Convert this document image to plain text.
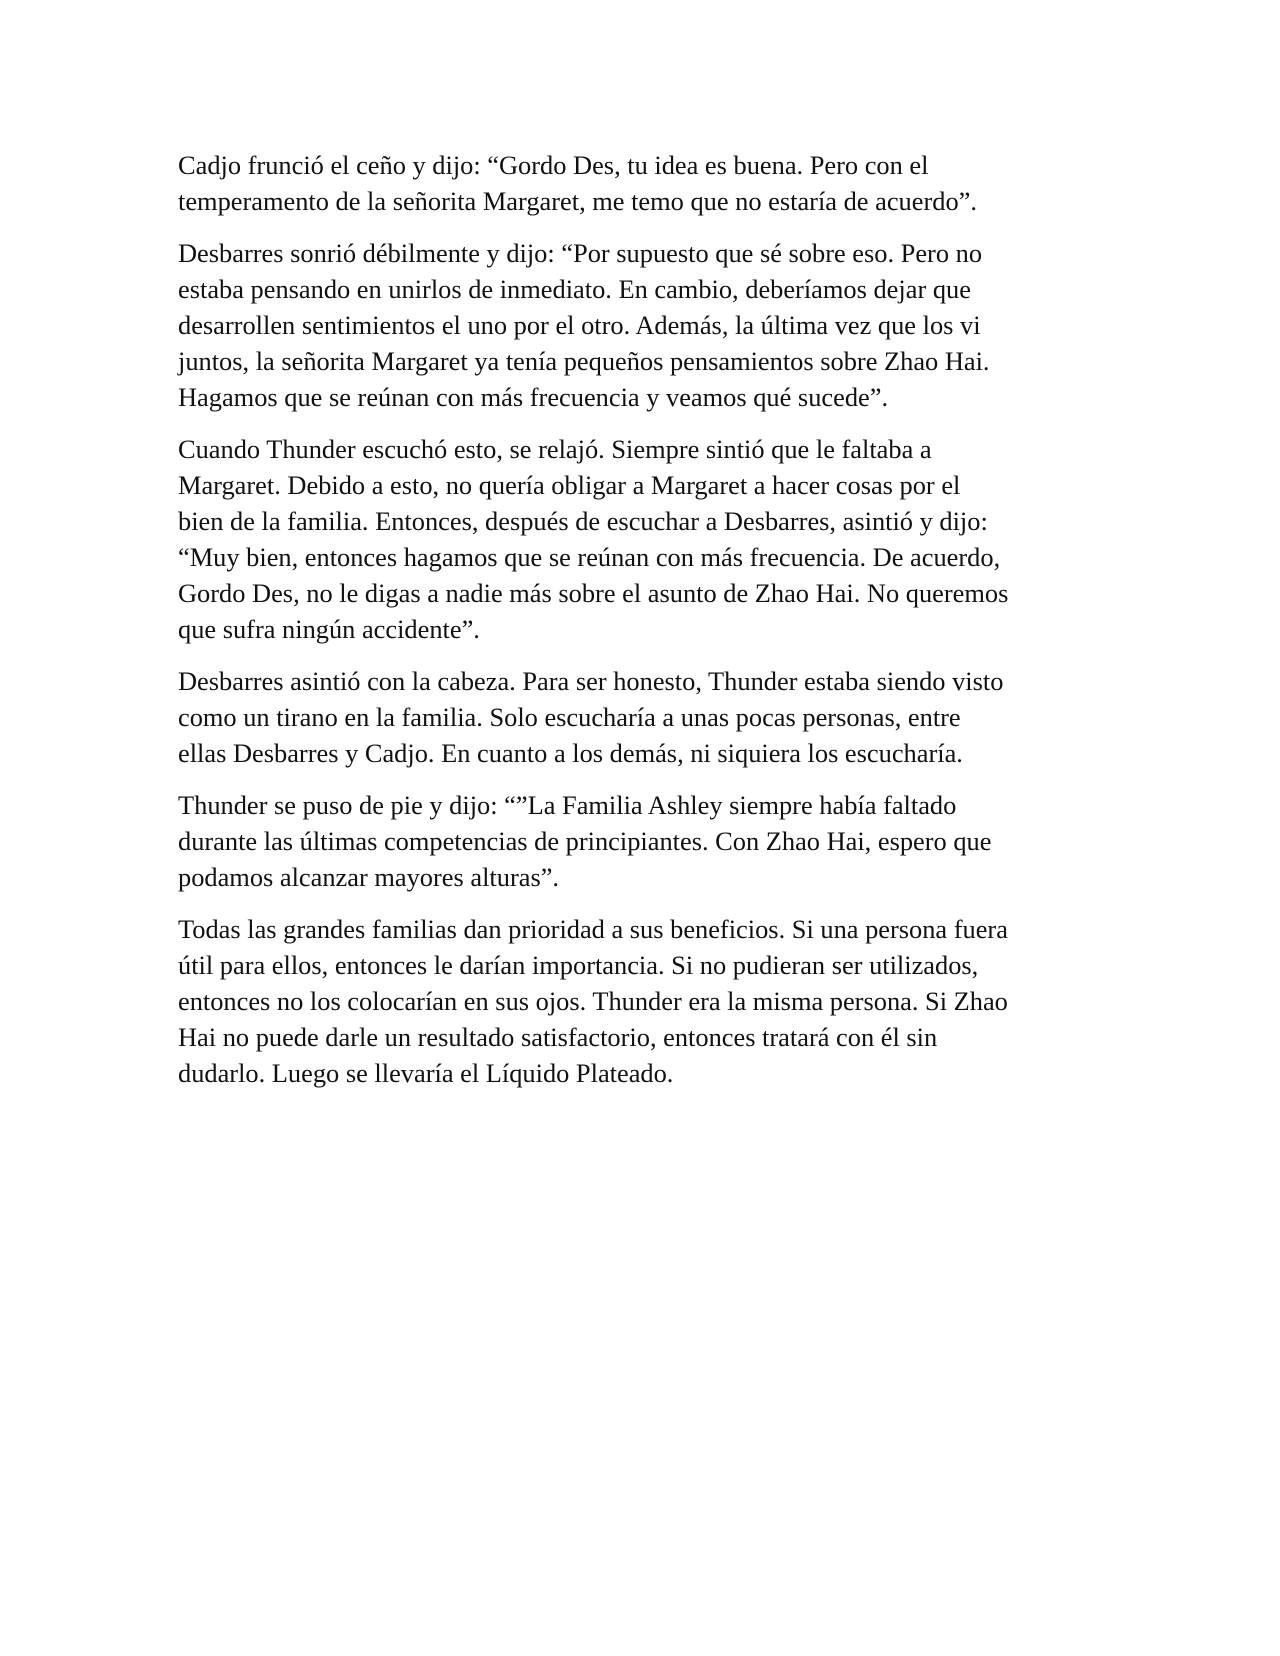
Cadjo frunció el ceño y dijo: “Gordo Des, tu idea es buena. Pero con el
temperamento de la señorita Margaret, me temo que no estaría de acuerdo”.

Desbarres sonrió débilmente y dijo: “Por supuesto que sé sobre eso. Pero no
estaba pensando en unirlos de inmediato. En cambio, deberíamos dejar que
desarrollen sentimientos el uno por el otro. Además, la última vez que los vi
juntos, la señorita Margaret ya tenía pequeños pensamientos sobre Zhao Hai.
Hagamos que se reúnan con más frecuencia y veamos qué sucede”.

Cuando Thunder escuchó esto, se relajó. Siempre sintió que le faltaba a
Margaret. Debido a esto, no quería obligar a Margaret a hacer cosas por el
bien de la familia. Entonces, después de escuchar a Desbarres, asintió y dijo:
“Muy bien, entonces hagamos que se reúnan con más frecuencia. De acuerdo,
Gordo Des, no le digas a nadie más sobre el asunto de Zhao Hai. No queremos
que sufra ningún accidente”.

Desbarres asintió con la cabeza. Para ser honesto, Thunder estaba siendo visto
como un tirano en la familia. Solo escucharía a unas pocas personas, entre
ellas Desbarres y Cadjo. En cuanto a los demás, ni siquiera los escucharía.

Thunder se puso de pie y dijo: “”La Familia Ashley siempre había faltado
durante las últimas competencias de principiantes. Con Zhao Hai, espero que
podamos alcanzar mayores alturas”.

Todas las grandes familias dan prioridad a sus beneficios. Si una persona fuera
útil para ellos, entonces le darían importancia. Si no pudieran ser utilizados,
entonces no los colocarían en sus ojos. Thunder era la misma persona. Si Zhao
Hai no puede darle un resultado satisfactorio, entonces tratará con él sin
dudarlo. Luego se llevaría el Líquido Plateado.
